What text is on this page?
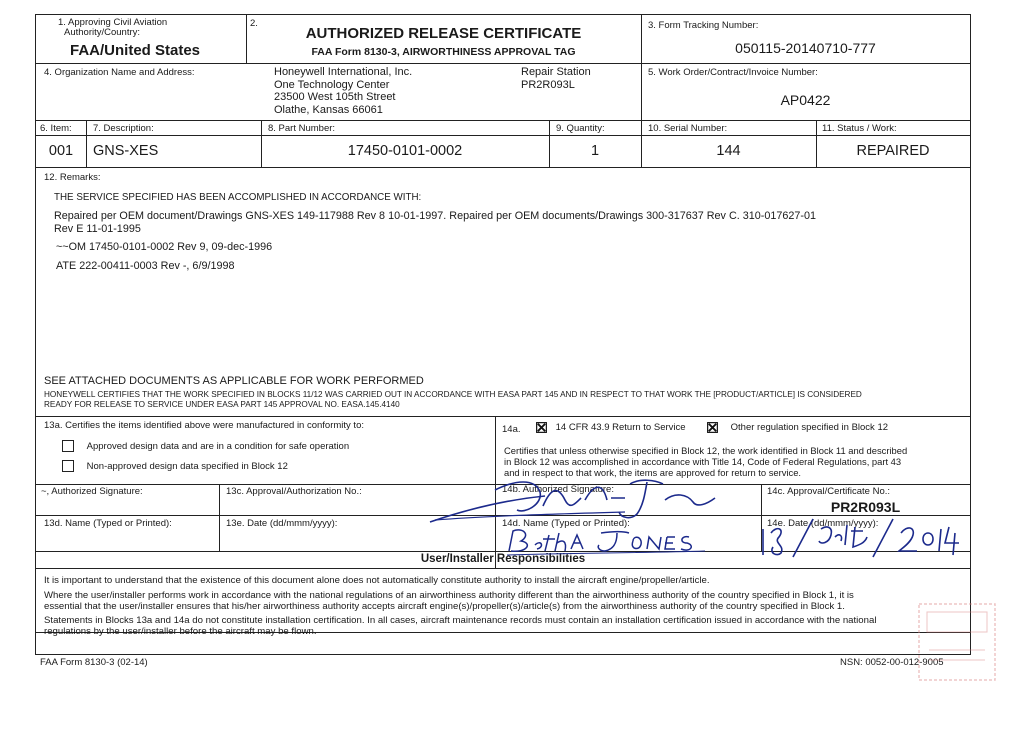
1. Approving Civil Aviation
Authority/Country:
FAA/United States
2.
AUTHORIZED RELEASE CERTIFICATE
FAA Form 8130-3, AIRWORTHINESS APPROVAL TAG
3. Form Tracking Number:
050115-20140710-777
4. Organization Name and Address:	Honeywell International, Inc.
One Technology Center
23500 West 105th Street
Olathe, Kansas 66061
Repair Station
PR2R093L
5. Work Order/Contract/Invoice Number:
AP0422
6. Item: 7. Description:	8. Part Number:	9. Quantity:	10. Serial Number:	11. Status / Work:
001	GNS-XES	17450-0101-0002	1	144	REPAIRED
12. Remarks:
THE SERVICE SPECIFIED HAS BEEN ACCOMPLISHED IN ACCORDANCE WITH:
Repaired per OEM document/Drawings GNS-XES 149-117988 Rev 8 10-01-1997. Repaired per OEM documents/Drawings 300-317637 Rev C. 310-017627-01
Rev E 11-01-1995
~~OM 17450-0101-0002 Rev 9, 09-dec-1996
ATE 222-00411-0003 Rev -, 6/9/1998
SEE ATTACHED DOCUMENTS AS APPLICABLE FOR WORK PERFORMED
HONEYWELL CERTIFIES THAT THE WORK SPECIFIED IN BLOCKS 11/12 WAS CARRIED OUT IN ACCORDANCE WITH EASA PART 145 AND IN RESPECT TO THAT WORK THE [PRODUCT/ARTICLE] IS CONSIDERED
READY FOR RELEASE TO SERVICE UNDER EASA PART 145 APPROVAL NO. EASA.145.4140
13a. Certifies the items identified above were manufactured in conformity to:
Approved design data and are in a condition for safe operation
Non-approved design data specified in Block 12
14a.	14 CFR 43.9 Return to Service	Other regulation specified in Block 12
Certifies that unless otherwise specified in Block 12, the work identified in Block 11 and described
in Block 12 was accomplished in accordance with Title 14, Code of Federal Regulations, part 43
and in respect to that work, the items are approved for return to service.
~, Authorized Signature:	13c. Approval/Authorization No.:	14b. Authorized Signature:	14c. Approval/Certificate No.:
PR2R093L
13d. Name (Typed or Printed):	13e. Date (dd/mmm/yyyy):	14d. Name (Typed or Printed):	14e. Date (dd/mmm/yyyy):
User/Installer Responsibilities
It is important to understand that the existence of this document alone does not automatically constitute authority to install the aircraft engine/propeller/article.
Where the user/installer performs work in accordance with the national regulations of an airworthiness authority different than the airworthiness authority of the country specified in Block 1, it is
essential that the user/installer ensures that his/her airworthiness authority accepts aircraft engine(s)/propeller(s)/article(s) from the airworthiness authority of the country specified in Block 1.
Statements in Blocks 13a and 14a do not constitute installation certification. In all cases, aircraft maintenance records must contain an installation certification issued in accordance with the national
regulations by the user/installer before the aircraft may be flown.
FAA Form 8130-3 (02-14)	NSN: 0052-00-012-9005
